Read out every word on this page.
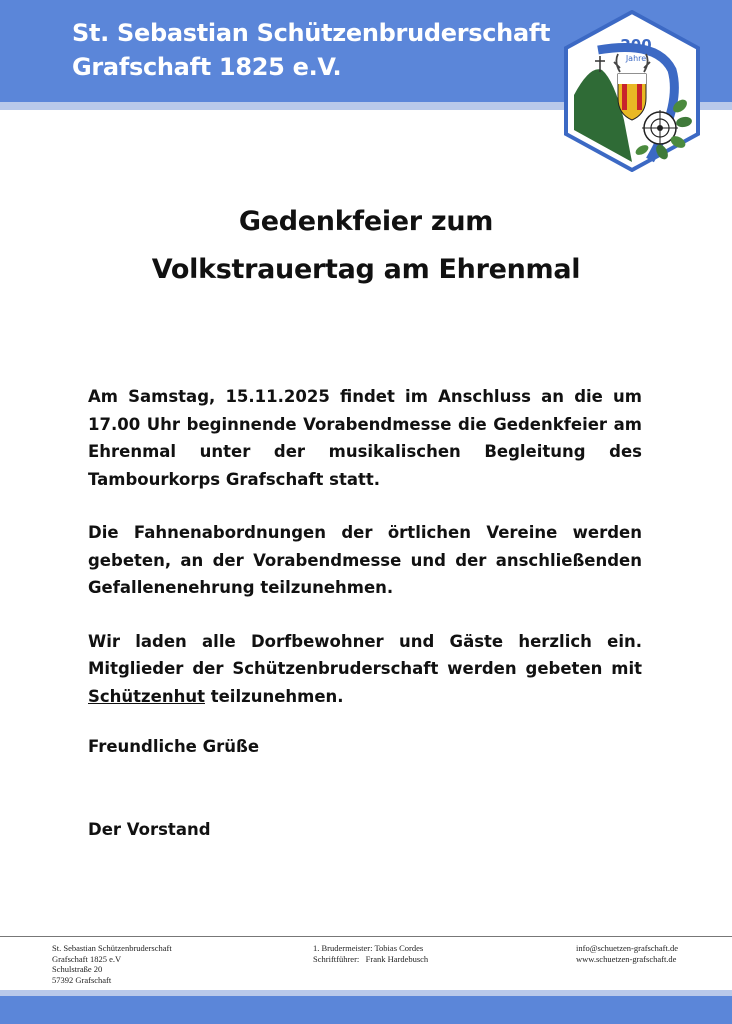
St. Sebastian Schützenbruderschaft
Grafschaft 1825 e.V.
200
Jahre
Gedenkfeier zum
Volkstrauertag am Ehrenmal

Am Samstag, 15.11.2025 findet im Anschluss an die um 17.00 Uhr beginnende Vorabendmesse die Gedenkfeier am Ehrenmal unter der musikalischen Begleitung des Tambourkorps Grafschaft statt.

Die Fahnenabordnungen der örtlichen Vereine werden gebeten, an der Vorabendmesse und der anschließenden Gefallenenehrung teilzunehmen.

Wir laden alle Dorfbewohner und Gäste herzlich ein. Mitglieder der Schützenbruderschaft werden gebeten mit Schützenhut teilzunehmen.

Freundliche Grüße
Der Vorstand
St. Sebastian Schützenbruderschaft
Grafschaft 1825 e.V
Schulstraße 20
57392 Grafschaft
1. Brudermeister: Tobias Cordes
Schriftführer:   Frank Hardebusch
info@schuetzen-grafschaft.de
www.schuetzen-grafschaft.de
